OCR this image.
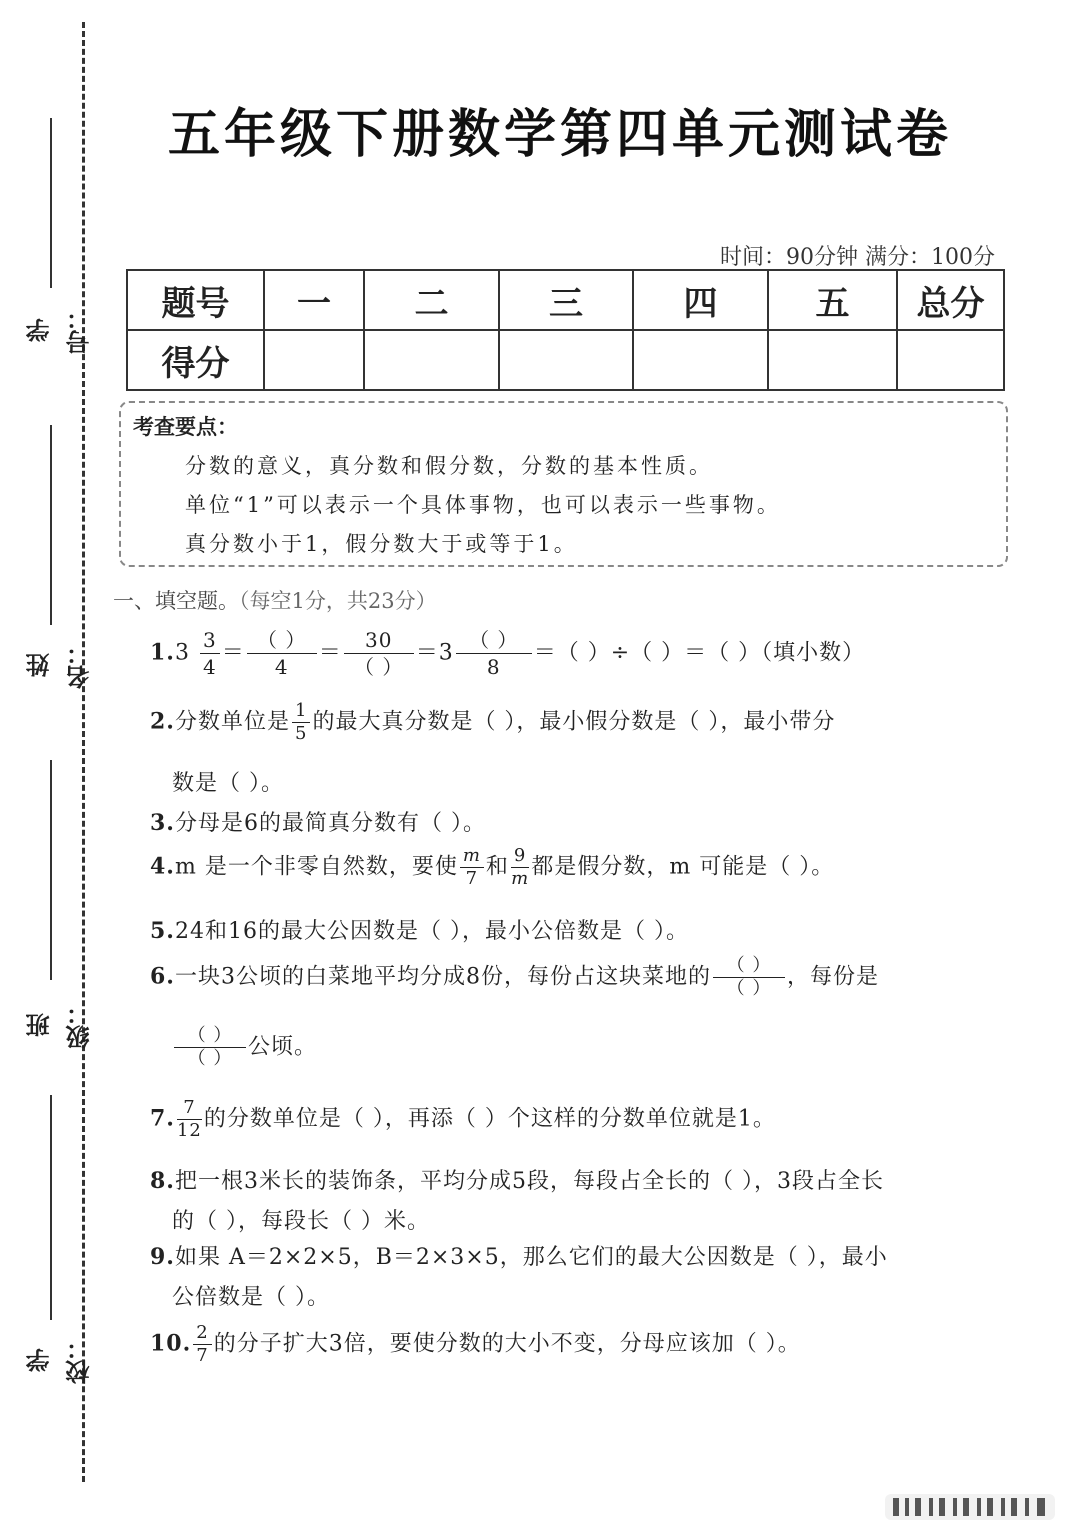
学号：
姓名：
班级：
学校：
五年级下册数学第四单元测试卷
时间：90分钟 满分：100分
题号	一	二	三	四	五	总分
得分						
考查要点：
分数的意义，真分数和假分数，分数的基本性质。
单位“1”可以表示一个具体事物，也可以表示一些事物。
真分数小于1，假分数大于或等于1。
一、填空题。（每空1分，共23分）
$1.3 \frac{3}{4} = \frac{( )}{4} = \frac{30}{( )} =3 \frac{( )}{8}$ ＝（ ）÷（ ）＝（ ）（填小数）
2.分数单位是 $\frac{1}{5}$ 的最大真分数是（ ），最小假分数是（ ），最小带分
数是（ ）。
3.分母是6的最简真分数有（ ）。
4.m 是一个非零自然数，要使 $\frac{m}{7}$ 和 $\frac{9}{m}$ 都是假分数，m 可能是（ ）。
5.24和16的最大公因数是（ ），最小公倍数是（ ）。
6.一块3公顷的白菜地平均分成8份，每份占这块菜地的 $\frac{( )}{( )}$ ，每份是
$\frac{( )}{( )}$ 公顷。
7. $\frac{7}{12}$ 的分数单位是（ ），再添（ ）个这样的分数单位就是1。
8.把一根3米长的装饰条，平均分成5段，每段占全长的（ ），3段占全长
的（ ），每段长（ ）米。
9.如果 A＝2×2×5，B＝2×3×5，那么它们的最大公因数是（ ），最小
公倍数是（ ）。
10. $\frac{2}{7}$ 的分子扩大3倍，要使分数的大小不变，分母应该加（ ）。
